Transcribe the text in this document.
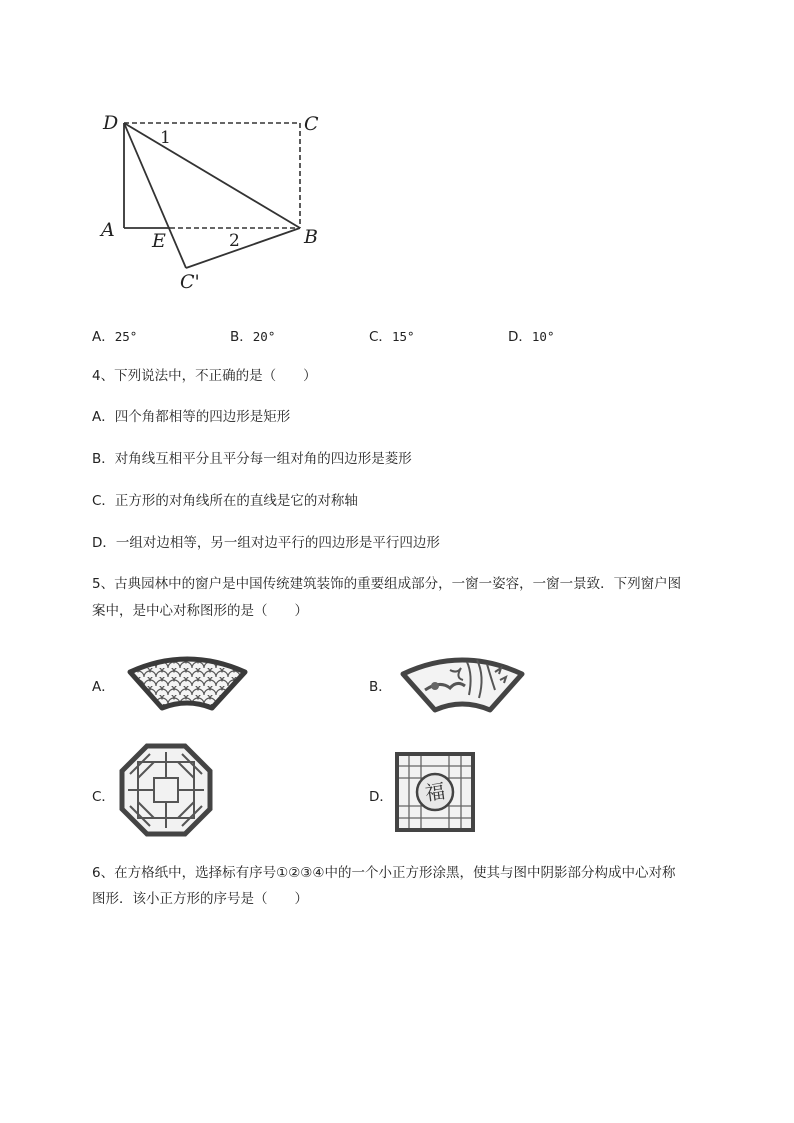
D	C
A E	B
C'
1
2
A．25°	B．20°	C．15°	D．10°
4、下列说法中，不正确的是（　　）
A．四个角都相等的四边形是矩形
B．对角线互相平分且平分每一组对角的四边形是菱形
C．正方形的对角线所在的直线是它的对称轴
D．一组对边相等，另一组对边平行的四边形是平行四边形
5、古典园林中的窗户是中国传统建筑装饰的重要组成部分，一窗一姿容，一窗一景致．下列窗户图
案中，是中心对称图形的是（　　）
A．	B．
C．	D． 福
6、在方格纸中，选择标有序号①②③④中的一个小正方形涂黑，使其与图中阴影部分构成中心对称
图形．该小正方形的序号是（　　）
